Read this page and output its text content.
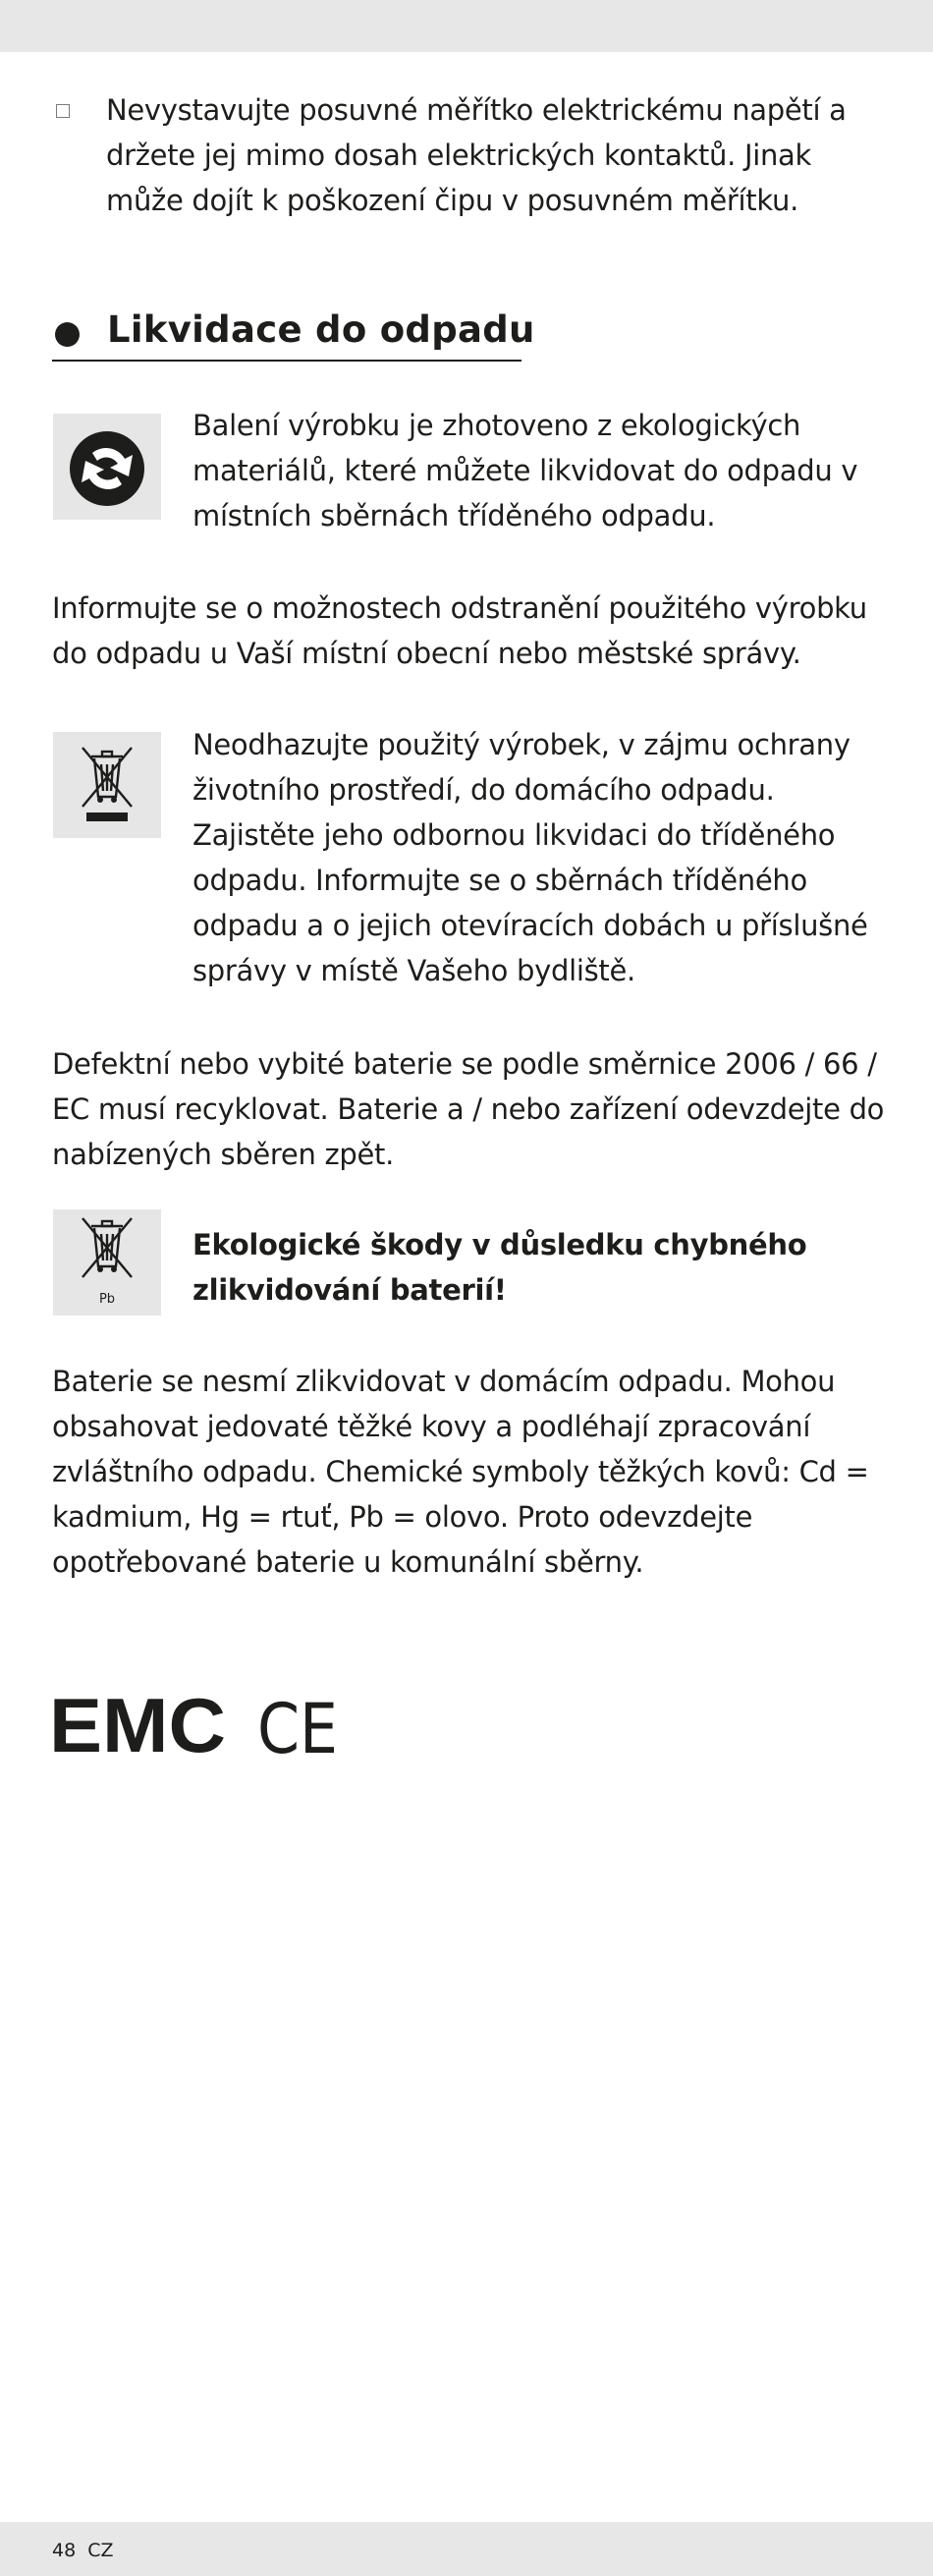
Nevystavujte posuvné měřítko elektrickému napětí a držete jej mimo dosah elektrických kontaktů. Jinak může dojít k poškození čipu v posuvném měřítku.

Likvidace do odpadu

Balení výrobku je zhotoveno z ekologických materiálů, které můžete likvidovat do odpadu v místních sběrnách tříděného odpadu.

Informujte se o možnostech odstranění použitého výrobku do odpadu u Vaší místní obecní nebo městské správy.

Neodhazujte použitý výrobek, v zájmu ochrany životního prostředí, do domácího odpadu. Zajistěte jeho odbornou likvidaci do tříděného odpadu. Informujte se o sběrnách tříděného odpadu a o jejich otevíracích dobách u příslušné správy v místě Vašeho bydliště.

Defektní nebo vybité baterie se podle směrnice 2006 / 66 / EC musí recyklovat. Baterie a / nebo zařízení odevzdejte do nabízených sběren zpět.

Pb

Ekologické škody v důsledku chybného zlikvidování baterií!

Baterie se nesmí zlikvidovat v domácím odpadu. Mohou obsahovat jedovaté těžké kovy a podléhají zpracování zvláštního odpadu. Chemické symboly těžkých kovů: Cd = kadmium, Hg = rtuť, Pb = olovo. Proto odevzdejte opotřebované baterie u komunální sběrny.

EMC CE
48 CZ
